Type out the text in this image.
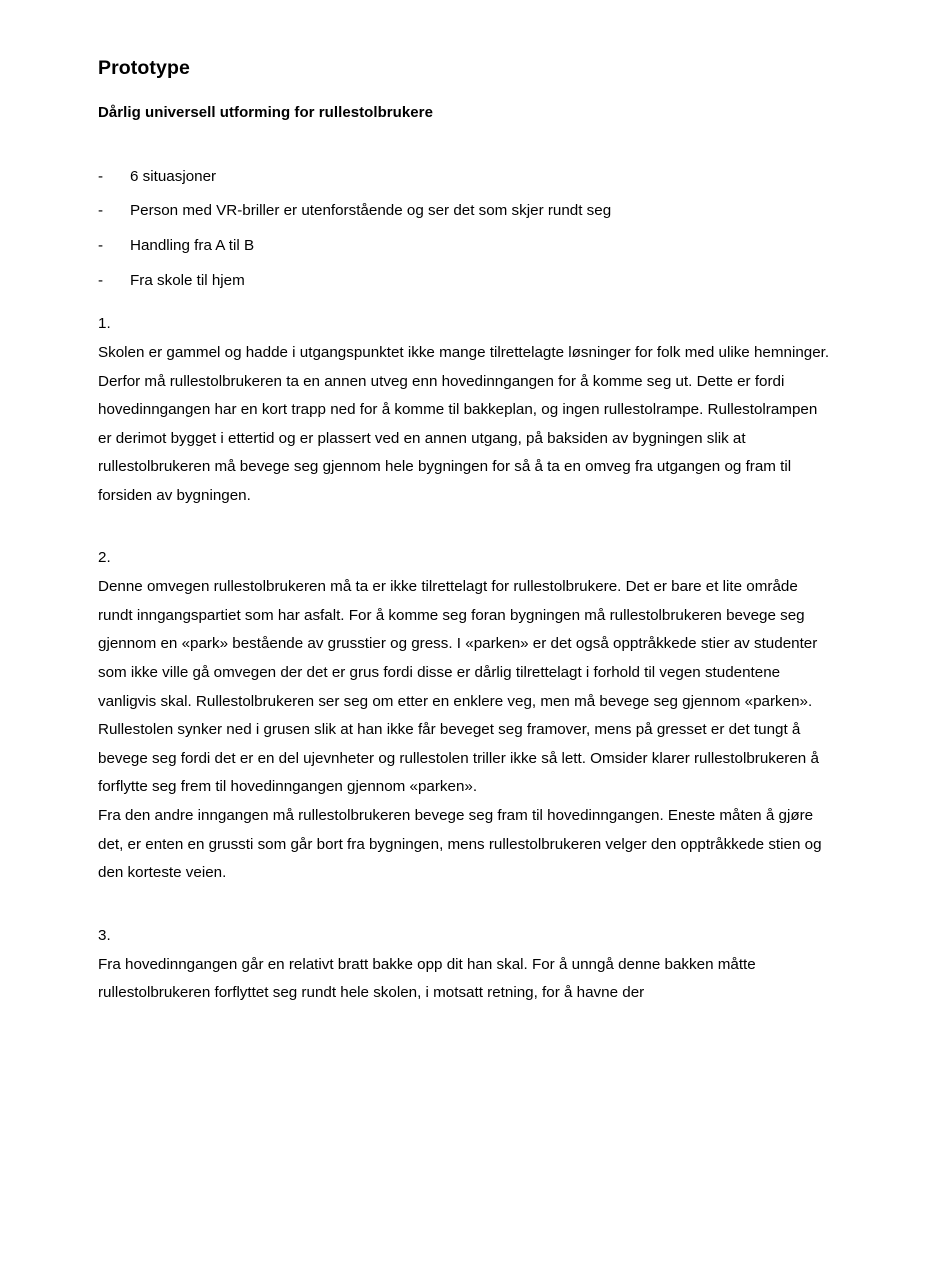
Prototype
Dårlig universell utforming for rullestolbrukere
- 6 situasjoner
- Person med VR-briller er utenforstående og ser det som skjer rundt seg
- Handling fra A til B
- Fra skole til hjem
1.

Skolen er gammel og hadde i utgangspunktet ikke mange tilrettelagte løsninger for folk med ulike hemninger. Derfor må rullestolbrukeren ta en annen utveg enn hovedinngangen for å komme seg ut. Dette er fordi hovedinngangen har en kort trapp ned for å komme til bakkeplan, og ingen rullestolrampe. Rullestolrampen er derimot bygget i ettertid og er plassert ved en annen utgang, på baksiden av bygningen slik at rullestolbrukeren må bevege seg gjennom hele bygningen for så å ta en omveg fra utgangen og fram til forsiden av bygningen.

2.

Denne omvegen rullestolbrukeren må ta er ikke tilrettelagt for rullestolbrukere. Det er bare et lite område rundt inngangspartiet som har asfalt. For å komme seg foran bygningen må rullestolbrukeren bevege seg gjennom en «park» bestående av grusstier og gress. I «parken» er det også opptråkkede stier av studenter som ikke ville gå omvegen der det er grus fordi disse er dårlig tilrettelagt i forhold til vegen studentene vanligvis skal. Rullestolbrukeren ser seg om etter en enklere veg, men må bevege seg gjennom «parken». Rullestolen synker ned i grusen slik at han ikke får beveget seg framover, mens på gresset er det tungt å bevege seg fordi det er en del ujevnheter og rullestolen triller ikke så lett. Omsider klarer rullestolbrukeren å forflytte seg frem til hovedinngangen gjennom «parken».

Fra den andre inngangen må rullestolbrukeren bevege seg fram til hovedinngangen. Eneste måten å gjøre det, er enten en grussti som går bort fra bygningen, mens rullestolbrukeren velger den opptråkkede stien og den korteste veien.

3.

Fra hovedinngangen går en relativt bratt bakke opp dit han skal. For å unngå denne bakken måtte rullestolbrukeren forflyttet seg rundt hele skolen, i motsatt retning, for å havne der
